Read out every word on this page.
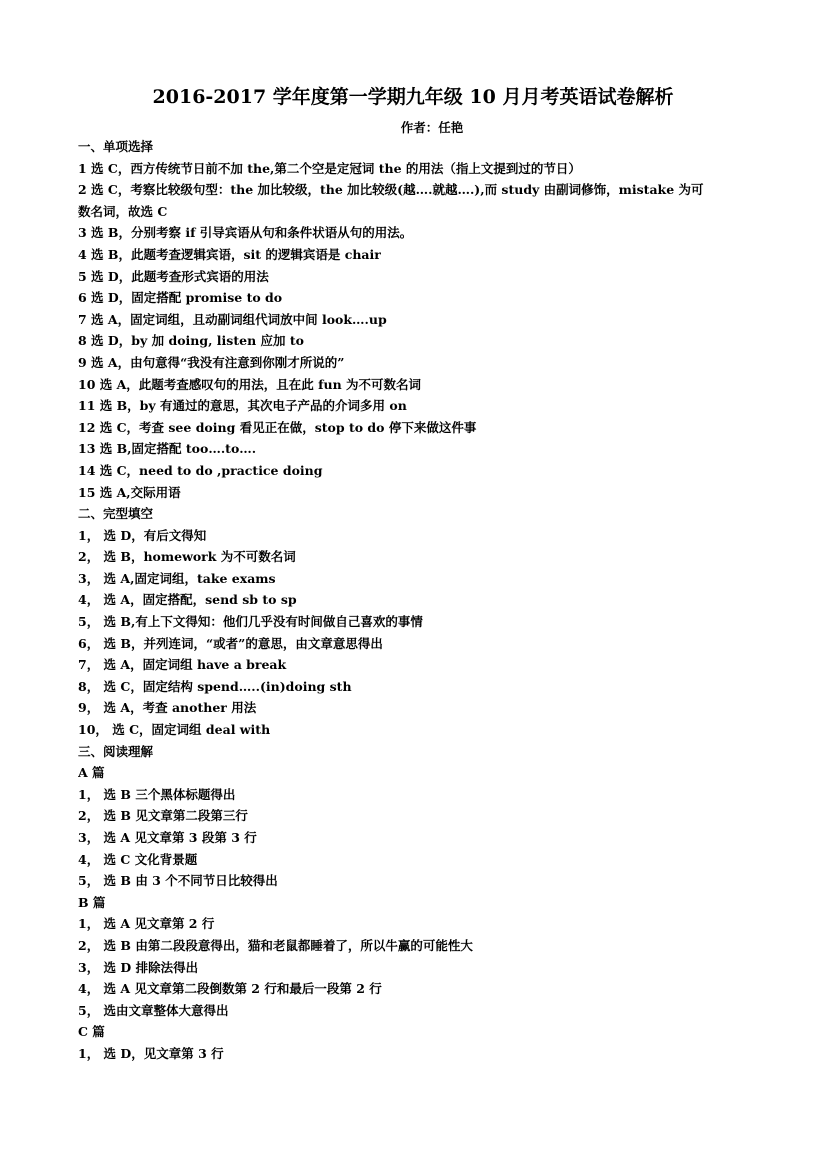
2016-2017 学年度第一学期九年级 10 月月考英语试卷解析
作者：任艳
一、单项选择
1 选 C，西方传统节日前不加 the,第二个空是定冠词 the 的用法（指上文提到过的节日）
2 选 C，考察比较级句型：the 加比较级，the 加比较级(越….就越….),而 study 由副词修饰，mistake 为可
数名词，故选 C
3 选 B，分别考察 if 引导宾语从句和条件状语从句的用法。
4 选 B，此题考查逻辑宾语，sit 的逻辑宾语是 chair
5 选 D，此题考查形式宾语的用法
6 选 D，固定搭配 promise to do
7 选 A，固定词组，且动副词组代词放中间 look….up
8 选 D，by 加 doing, listen 应加 to
9 选 A，由句意得“我没有注意到你刚才所说的”
10 选 A，此题考查感叹句的用法，且在此 fun 为不可数名词
11 选 B，by 有通过的意思，其次电子产品的介词多用 on
12 选 C，考查 see doing 看见正在做，stop to do 停下来做这件事
13 选 B,固定搭配 too….to….
14 选 C，need to do ,practice doing
15 选 A,交际用语
二、完型填空
1， 选 D，有后文得知
2， 选 B，homework 为不可数名词
3， 选 A,固定词组，take exams
4， 选 A，固定搭配，send sb to sp
5， 选 B,有上下文得知：他们几乎没有时间做自己喜欢的事情
6， 选 B，并列连词，“或者”的意思，由文章意思得出
7， 选 A，固定词组 have a break
8， 选 C，固定结构 spend…..(in)doing sth
9， 选 A，考查 another 用法
10， 选 C，固定词组 deal with
三、阅读理解
A 篇
1， 选 B 三个黑体标题得出
2， 选 B 见文章第二段第三行
3， 选 A 见文章第 3 段第 3 行
4， 选 C 文化背景题
5， 选 B 由 3 个不同节日比较得出
B 篇
1， 选 A 见文章第 2 行
2， 选 B 由第二段段意得出，猫和老鼠都睡着了，所以牛赢的可能性大
3， 选 D 排除法得出
4， 选 A 见文章第二段倒数第 2 行和最后一段第 2 行
5， 选由文章整体大意得出
C 篇
1， 选 D，见文章第 3 行
